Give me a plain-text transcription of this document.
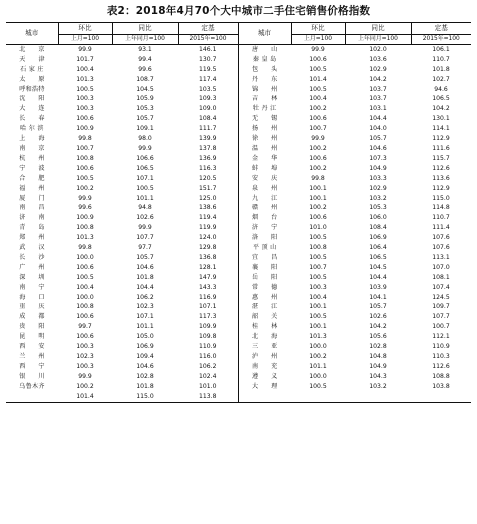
表2：2018年4月70个大中城市二手住宅销售价格指数
城市	环比	同比	定基	城市	环比	同比	定基
	上月=100	上年同月=100	2015年=100		上月=100	上年同月=100	2015年=100
北　　京	99.9	93.1	146.1	唐　　山	99.9	102.0	106.1
天　　津	101.7	99.4	130.7	秦 皇 岛	100.6	103.6	110.7
石 家 庄	100.4	99.6	119.5	包　　头	100.5	102.9	101.8
太　　原	101.3	108.7	117.4	丹　　东	101.4	104.2	102.7
呼和浩特	100.5	104.5	103.5	锦　　州	100.5	103.7	94.6
沈　　阳	100.3	105.9	109.3	吉　　林	100.4	103.7	106.5
大　　连	100.3	105.3	109.0	牡 丹 江	100.2	103.1	104.2
长　　春	100.6	105.7	108.4	无　　锡	100.6	104.4	130.1
哈 尔 滨	100.9	109.1	111.7	扬　　州	100.7	104.0	114.1
上　　海	99.8	98.0	139.9	徐　　州	99.9	105.7	112.9
南　　京	100.7	99.9	137.8	温　　州	100.2	104.6	111.6
杭　　州	100.8	106.6	136.9	金　　华	100.6	107.3	115.7
宁　　波	100.6	106.5	116.3	蚌　　埠	100.2	104.9	112.6
合　　肥	100.5	107.1	120.5	安　　庆	99.8	103.3	113.6
福　　州	100.2	100.5	151.7	泉　　州	100.1	102.9	112.9
厦　　门	99.9	101.1	125.0	九　　江	100.1	103.2	115.0
南　　昌	99.6	94.8	138.6	赣　　州	100.2	105.3	114.8
济　　南	100.9	102.6	119.4	烟　　台	100.6	106.0	110.7
青　　岛	100.8	99.9	119.9	济　　宁	101.0	108.4	111.4
郑　　州	101.3	107.7	124.0	洛　　阳	100.5	106.9	107.6
武　　汉	99.8	97.7	129.8	平 顶 山	100.8	106.4	107.6
长　　沙	100.0	105.7	136.8	宜　　昌	100.5	106.5	113.1
广　　州	100.6	104.6	128.1	襄　　阳	100.7	104.5	107.0
深　　圳	100.5	101.8	147.9	岳　　阳	100.5	104.4	108.1
南　　宁	100.4	104.4	143.3	常　　德	100.3	103.9	107.4
海　　口	100.0	106.2	116.9	惠　　州	100.4	104.1	124.5
重　　庆	100.8	102.3	107.1	湛　　江	100.1	105.7	109.7
成　　都	100.6	107.1	117.3	韶　　关	100.5	102.6	107.7
贵　　阳	99.7	101.1	109.9	桂　　林	100.1	104.2	100.7
昆　　明	100.6	105.0	109.8	北　　海	101.3	105.6	112.1
西　　安	100.3	106.9	110.9	三　　亚	100.0	102.8	110.9
兰　　州	102.3	109.4	116.0	泸　　州	100.2	104.8	110.3
西　　宁	100.3	104.6	106.2	南　　充	101.1	104.9	112.6
银　　川	99.9	102.8	102.4	遵　　义	100.0	104.3	108.8
乌鲁木齐	100.2	101.8	101.0	大　　理	100.5	103.2	103.8
	101.4	115.0	113.8				
